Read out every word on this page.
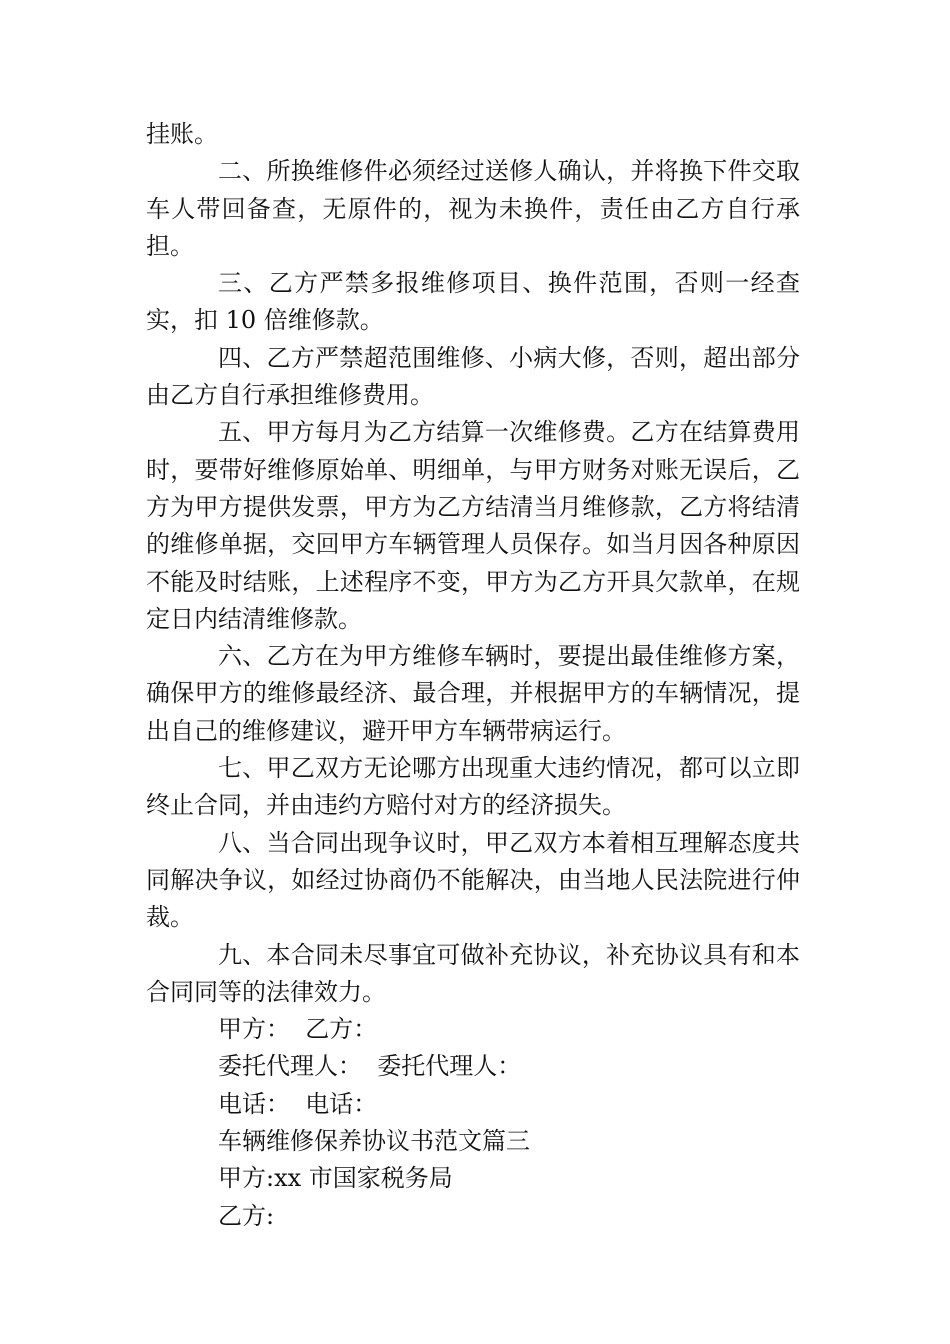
挂账。

二、所换维修件必须经过送修人确认，并将换下件交取车人带回备查，无原件的，视为未换件，责任由乙方自行承担。

三、乙方严禁多报维修项目、换件范围，否则一经查实，扣 10 倍维修款。

四、乙方严禁超范围维修、小病大修，否则，超出部分由乙方自行承担维修费用。

五、甲方每月为乙方结算一次维修费。乙方在结算费用时，要带好维修原始单、明细单，与甲方财务对账无误后，乙方为甲方提供发票，甲方为乙方结清当月维修款，乙方将结清的维修单据，交回甲方车辆管理人员保存。如当月因各种原因不能及时结账，上述程序不变，甲方为乙方开具欠款单，在规定日内结清维修款。

六、乙方在为甲方维修车辆时，要提出最佳维修方案，确保甲方的维修最经济、最合理，并根据甲方的车辆情况，提出自己的维修建议，避开甲方车辆带病运行。

七、甲乙双方无论哪方出现重大违约情况，都可以立即终止合同，并由违约方赔付对方的经济损失。

八、当合同出现争议时，甲乙双方本着相互理解态度共同解决争议，如经过协商仍不能解决，由当地人民法院进行仲裁。

九、本合同未尽事宜可做补充协议，补充协议具有和本合同同等的法律效力。

甲方：  乙方：

委托代理人：  委托代理人：

电话：  电话：

车辆维修保养协议书范文篇三

甲方:xx 市国家税务局

乙方:
